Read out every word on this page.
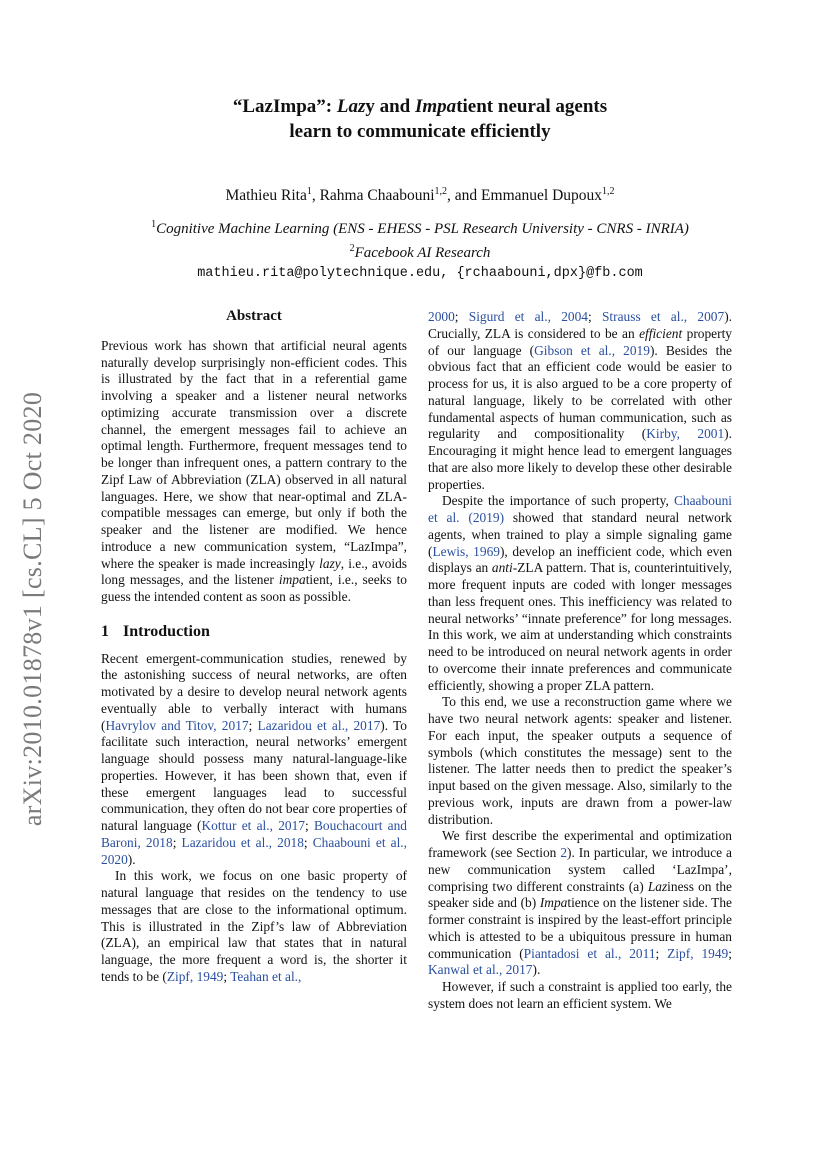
arXiv:2010.01878v1 [cs.CL] 5 Oct 2020
“LazImpa”: Lazy and Impatient neural agents
learn to communicate efficiently
Mathieu Rita$^1$, Rahma Chaabouni$^{1,2}$, and Emmanuel Dupoux$^{1,2}$
$^1$Cognitive Machine Learning (ENS - EHESS - PSL Research University - CNRS - INRIA)
$^2$Facebook AI Research
mathieu.rita@polytechnique.edu, {rchaabouni,dpx}@fb.com
Abstract

Previous work has shown that artificial neural agents naturally develop surprisingly non-efficient codes. This is illustrated by the fact that in a referential game involving a speaker and a listener neural networks optimizing accurate transmission over a discrete channel, the emergent messages fail to achieve an optimal length. Furthermore, frequent messages tend to be longer than infrequent ones, a pattern contrary to the Zipf Law of Abbreviation (ZLA) observed in all natural languages. Here, we show that near-optimal and ZLA-compatible messages can emerge, but only if both the speaker and the listener are modified. We hence introduce a new communication system, “LazImpa”, where the speaker is made increasingly lazy, i.e., avoids long messages, and the listener impatient, i.e., seeks to guess the intended content as soon as possible.

1 Introduction

Recent emergent-communication studies, renewed by the astonishing success of neural networks, are often motivated by a desire to develop neural network agents eventually able to verbally interact with humans (Havrylov and Titov, 2017; Lazaridou et al., 2017). To facilitate such interaction, neural networks’ emergent language should possess many natural-language-like properties. However, it has been shown that, even if these emergent languages lead to successful communication, they often do not bear core properties of natural language (Kottur et al., 2017; Bouchacourt and Baroni, 2018; Lazaridou et al., 2018; Chaabouni et al., 2020).

In this work, we focus on one basic property of natural language that resides on the tendency to use messages that are close to the informational optimum. This is illustrated in the Zipf’s law of Abbreviation (ZLA), an empirical law that states that in natural language, the more frequent a word is, the shorter it tends to be (Zipf, 1949; Teahan et al.,

2000; Sigurd et al., 2004; Strauss et al., 2007). Crucially, ZLA is considered to be an efficient property of our language (Gibson et al., 2019). Besides the obvious fact that an efficient code would be easier to process for us, it is also argued to be a core property of natural language, likely to be correlated with other fundamental aspects of human communication, such as regularity and compositionality (Kirby, 2001). Encouraging it might hence lead to emergent languages that are also more likely to develop these other desirable properties.

Despite the importance of such property, Chaabouni et al. (2019) showed that standard neural network agents, when trained to play a simple signaling game (Lewis, 1969), develop an inefficient code, which even displays an anti-ZLA pattern. That is, counterintuitively, more frequent inputs are coded with longer messages than less frequent ones. This inefficiency was related to neural networks’ “innate preference” for long messages. In this work, we aim at understanding which constraints need to be introduced on neural network agents in order to overcome their innate preferences and communicate efficiently, showing a proper ZLA pattern.

To this end, we use a reconstruction game where we have two neural network agents: speaker and listener. For each input, the speaker outputs a sequence of symbols (which constitutes the message) sent to the listener. The latter needs then to predict the speaker’s input based on the given message. Also, similarly to the previous work, inputs are drawn from a power-law distribution.

We first describe the experimental and optimization framework (see Section 2). In particular, we introduce a new communication system called ‘LazImpa’, comprising two different constraints (a) Laziness on the speaker side and (b) Impatience on the listener side. The former constraint is inspired by the least-effort principle which is attested to be a ubiquitous pressure in human communication (Piantadosi et al., 2011; Zipf, 1949; Kanwal et al., 2017).

However, if such a constraint is applied too early, the system does not learn an efficient system. We
